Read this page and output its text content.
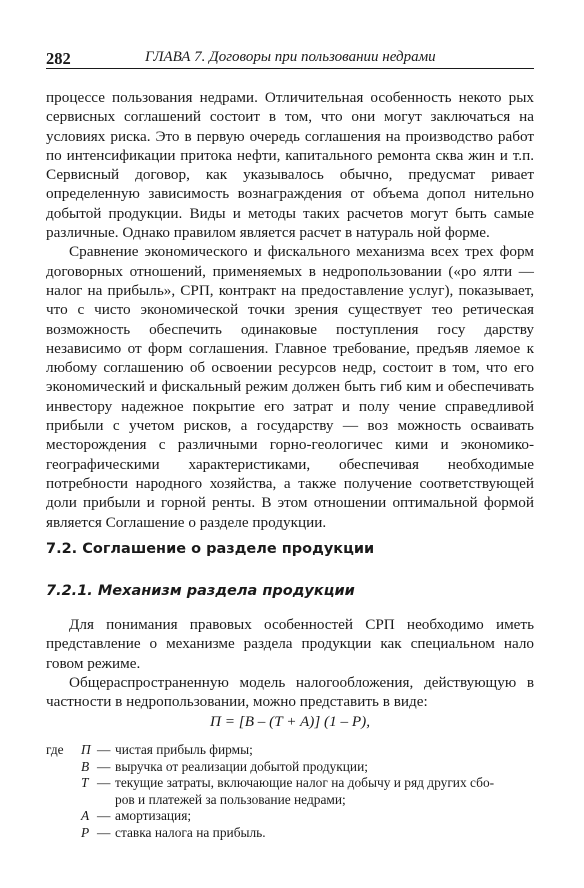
282	ГЛАВА 7. Договоры при пользовании недрами

процессе пользования недрами. Отличительная особенность некото рых сервисных соглашений состоит в том, что они могут заключаться на условиях риска. Это в первую очередь соглашения на производство работ по интенсификации притока нефти, капитального ремонта сква жин и т.п. Сервисный договор, как указывалось обычно, предусмат ривает определенную зависимость вознаграждения от объема допол нительно добытой продукции. Виды и методы таких расчетов могут быть самые различные. Однако правилом является расчет в натураль ной форме.

Сравнение экономического и фискального механизма всех трех форм договорных отношений, применяемых в недропользовании («ро ялти — налог на прибыль», СРП, контракт на предоставление услуг), показывает, что с чисто экономической точки зрения существует тео ретическая возможность обеспечить одинаковые поступления госу дарству независимо от форм соглашения. Главное требование, предъяв ляемое к любому соглашению об освоении ресурсов недр, состоит в том, что его экономический и фискальный режим должен быть гиб ким и обеспечивать инвестору надежное покрытие его затрат и полу чение справедливой прибыли с учетом рисков, а государству — воз можность осваивать месторождения с различными горно-геологичес кими и экономико-географическими характеристиками, обеспечивая необходимые потребности народного хозяйства, а также получение соответствующей доли прибыли и горной ренты. В этом отношении оптимальной формой является Соглашение о разделе продукции.

7.2. Соглашение о разделе продукции
7.2.1. Механизм раздела продукции

Для понимания правовых особенностей СРП необходимо иметь представление о механизме раздела продукции как специальном нало говом режиме.

Общераспространенную модель налогообложения, действующую в частности в недропользовании, можно представить в виде:

П = [B – (T + A)] (1 – P),
где П — чистая прибыль фирмы;
B — выручка от реализации добытой продукции;
T — текущие затраты, включающие налог на добычу и ряд других сбо-
ров и платежей за пользование недрами;
A — амортизация;
P — ставка налога на прибыль.
